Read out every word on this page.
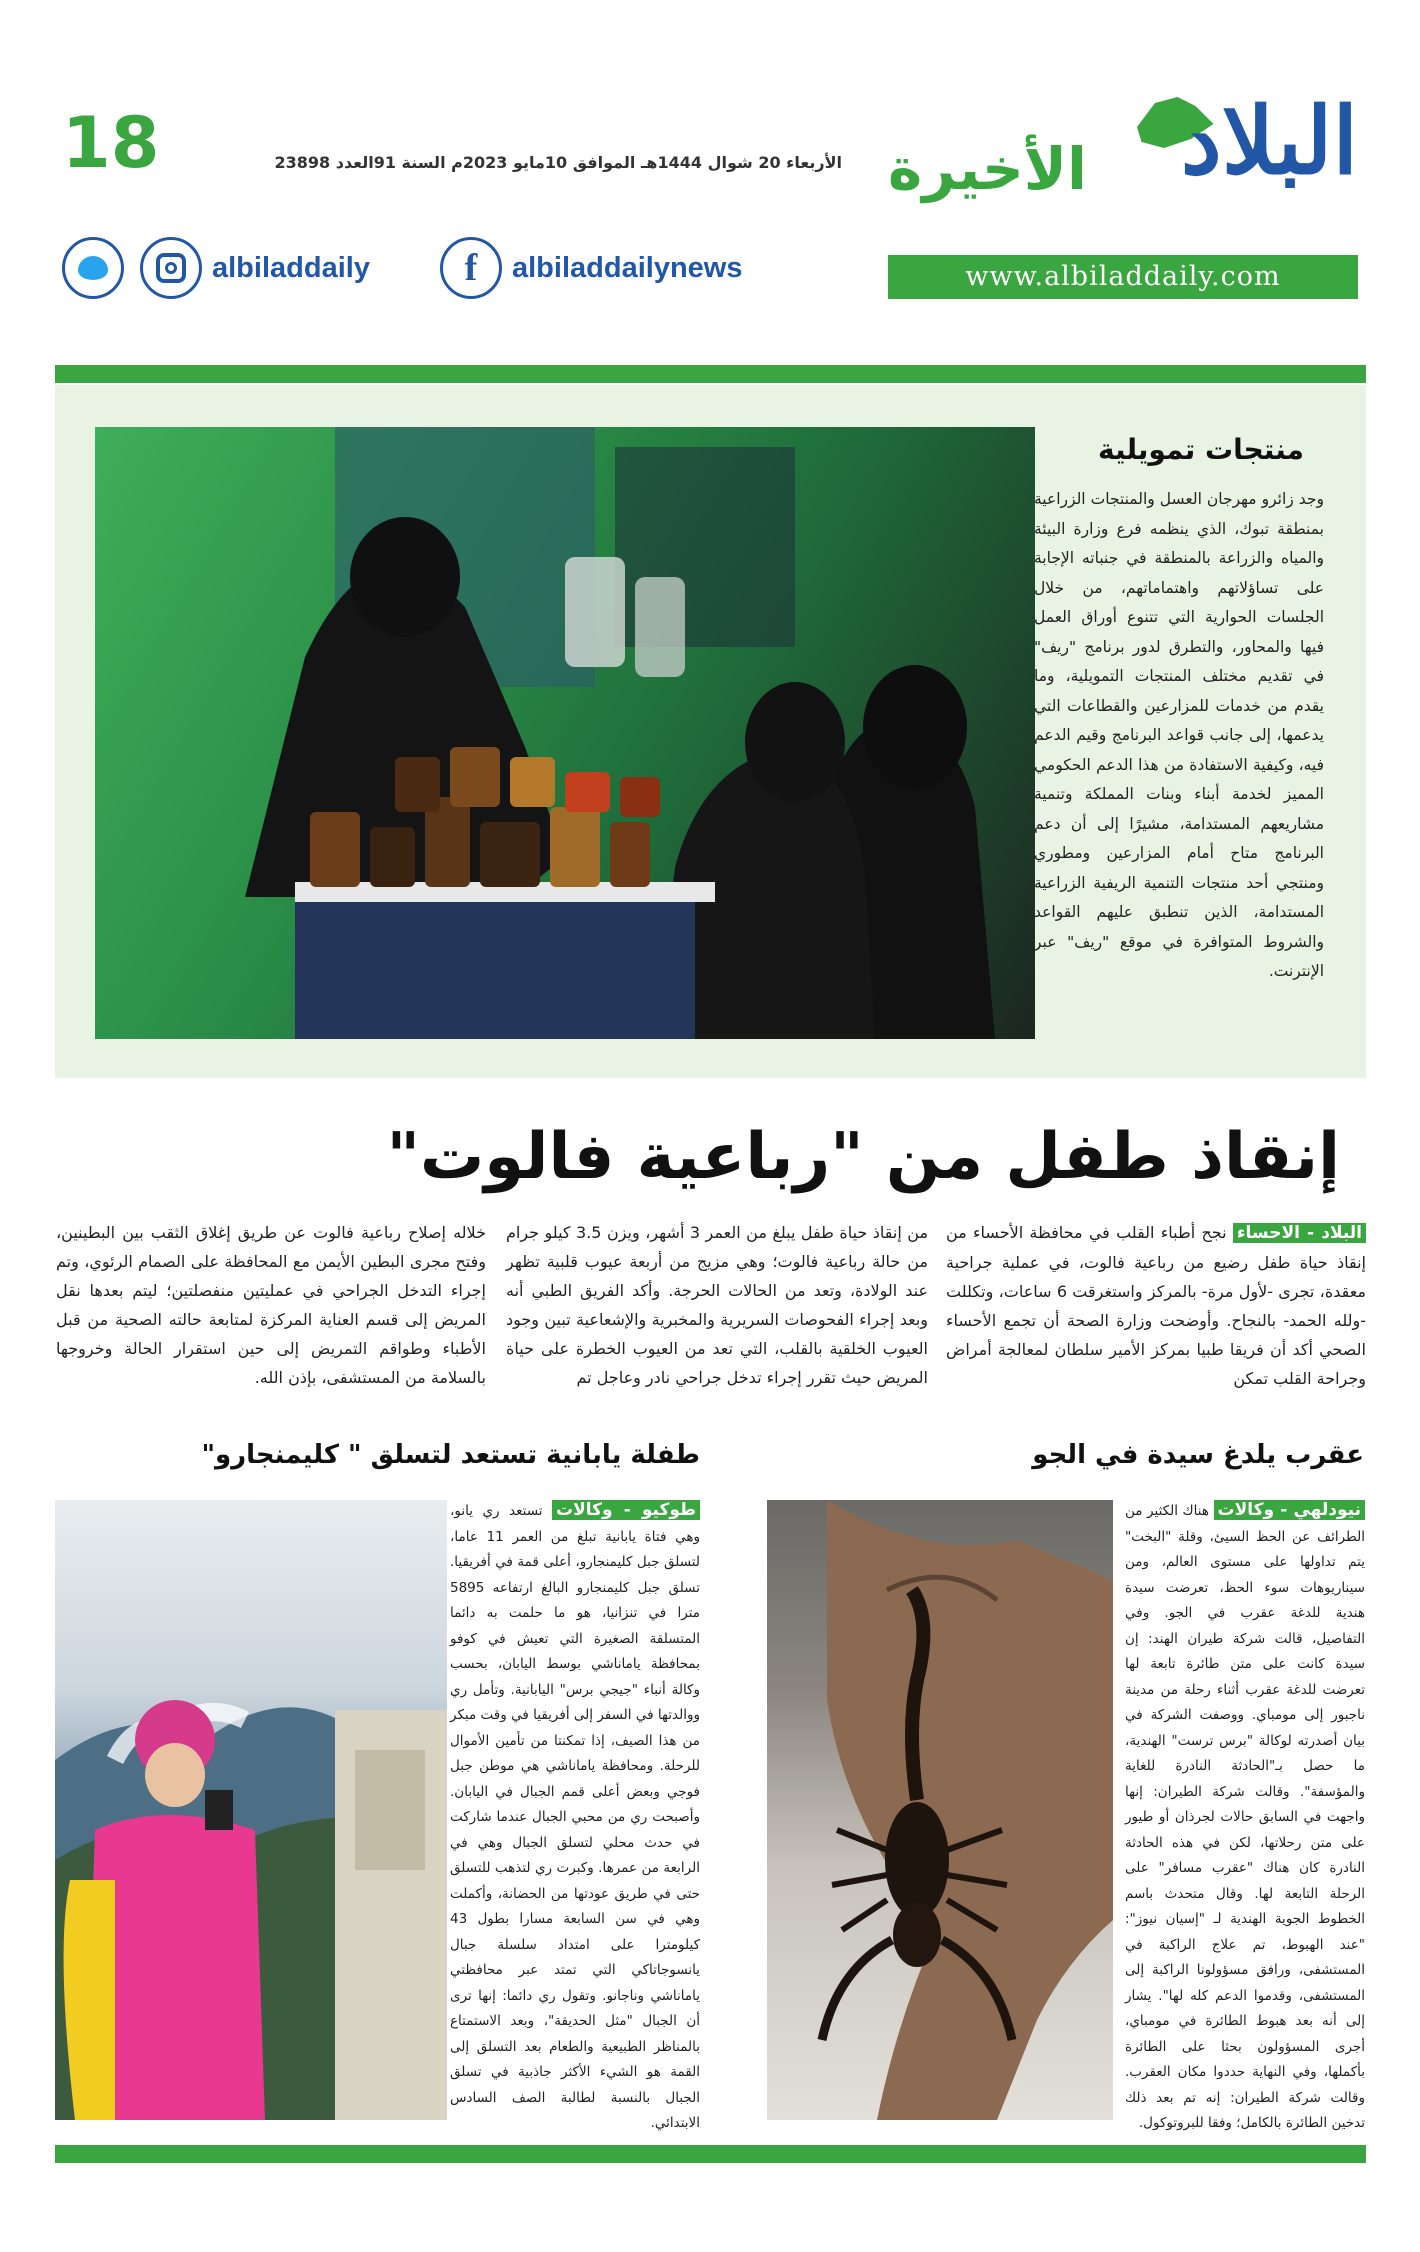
18	الأربعاء 20 شوال 1444هـ الموافق 10مايو 2023م السنة 91العدد 23898	البلاد
الأخيرة
www.albiladdaily.com
albiladdaily f albiladdailynews
منتجات تمويلية
وجد زائرو مهرجان العسل والمنتجات الزراعية بمنطقة تبوك، الذي ينظمه فرع وزارة البيئة والمياه والزراعة بالمنطقة في جنباته الإجابة على تساؤلاتهم واهتماماتهم، من خلال الجلسات الحوارية التي تتنوع أوراق العمل فيها والمحاور، والتطرق لدور برنامج "ريف" في تقديم مختلف المنتجات التمويلية، وما يقدم من خدمات للمزارعين والقطاعات التي يدعمها، إلى جانب قواعد البرنامج وقيم الدعم فيه، وكيفية الاستفادة من هذا الدعم الحكومي المميز لخدمة أبناء وبنات المملكة وتنمية مشاريعهم المستدامة، مشيرًا إلى أن دعم البرنامج متاح أمام المزارعين ومطوري ومنتجي أحد منتجات التنمية الريفية الزراعية المستدامة، الذين تنطبق عليهم القواعد والشروط المتوافرة في موقع "ريف" عبر الإنترنت.
إنقاذ طفل من "رباعية فالوت"
البلاد - الاحساء نجح أطباء القلب في محافظة الأحساء من إنقاذ حياة طفل رضيع من رباعية فالوت، في عملية جراحية معقدة، تجرى -لأول مرة- بالمركز واستغرقت 6 ساعات، وتكللت -ولله الحمد- بالنجاح. وأوضحت وزارة الصحة أن تجمع الأحساء الصحي أكد أن فريقا طبيا بمركز الأمير سلطان لمعالجة أمراض وجراحة القلب تمكن
من إنقاذ حياة طفل يبلغ من العمر 3 أشهر، ويزن 3.5 كيلو جرام من حالة رباعية فالوت؛ وهي مزيج من أربعة عيوب قلبية تظهر عند الولادة، وتعد من الحالات الحرجة. وأكد الفريق الطبي أنه وبعد إجراء الفحوصات السريرية والمخبرية والإشعاعية تبين وجود العيوب الخلقية بالقلب، التي تعد من العيوب الخطرة على حياة المريض حيث تقرر إجراء تدخل جراحي نادر وعاجل تم
خلاله إصلاح رباعية فالوت عن طريق إغلاق الثقب بين البطينين، وفتح مجرى البطين الأيمن مع المحافظة على الصمام الرئوي، وتم إجراء التدخل الجراحي في عمليتين منفصلتين؛ ليتم بعدها نقل المريض إلى قسم العناية المركزة لمتابعة حالته الصحية من قبل الأطباء وطواقم التمريض إلى حين استقرار الحالة وخروجها بالسلامة من المستشفى، بإذن الله.
عقرب يلدغ سيدة في الجو
طفلة يابانية تستعد لتسلق " كليمنجارو"
نيودلهي - وكالات هناك الكثير من الطرائف عن الحظ السيئ، وقلة "البخت" يتم تداولها على مستوى العالم، ومن سيناريوهات سوء الحظ، تعرضت سيدة هندية للدغة عقرب في الجو. وفي التفاصيل، قالت شركة طيران الهند: إن سيدة كانت على متن طائرة تابعة لها تعرضت للدغة عقرب أثناء رحلة من مدينة ناجبور إلى مومباي. ووصفت الشركة في بيان أصدرته لوكالة "برس ترست" الهندية، ما حصل بـ"الحادثة النادرة للغاية والمؤسفة". وقالت شركة الطيران: إنها واجهت في السابق حالات لجرذان أو طيور على متن رحلاتها، لكن في هذه الحادثة النادرة كان هناك "عقرب مسافر" على الرحلة التابعة لها. وقال متحدث باسم الخطوط الجوية الهندية لـ "إسيان نيوز": "عند الهبوط، تم علاج الراكبة في المستشفى، ورافق مسؤولونا الراكبة إلى المستشفى، وقدموا الدعم كله لها". يشار إلى أنه بعد هبوط الطائرة في مومباي، أجرى المسؤولون بحثا على الطائرة بأكملها، وفي النهاية حددوا مكان العقرب. وقالت شركة الطيران: إنه تم بعد ذلك تدخين الطائرة بالكامل؛ وفقا للبروتوكول.
طوكيو - وكالات تستعد ري يانو، وهي فتاة يابانية تبلغ من العمر 11 عاما، لتسلق جبل كليمنجارو، أعلى قمة في أفريقيا. تسلق جبل كليمنجارو البالغ ارتفاعه 5895 مترا في تنزانيا، هو ما حلمت به دائما المتسلقة الصغيرة التي تعيش في كوفو بمحافظة ياماناشي بوسط اليابان، بحسب وكالة أنباء "جيجي برس" اليابانية. وتأمل ري ووالدتها في السفر إلى أفريقيا في وقت مبكر من هذا الصيف، إذا تمكنتا من تأمين الأموال للرحلة. ومحافظة ياماناشي هي موطن جبل فوجي وبعض أعلى قمم الجبال في اليابان. وأصبحت ري من محبي الجبال عندما شاركت في حدث محلي لتسلق الجبال وهي في الرابعة من عمرها. وكبرت ري لتذهب للتسلق حتى في طريق عودتها من الحضانة، وأكملت وهي في سن السابعة مسارا بطول 43 كيلومترا على امتداد سلسلة جبال يانسوجاتاكي التي تمتد عبر محافظتي ياماناشي وناجانو. وتقول ري دائما: إنها ترى أن الجبال "مثل الحديقة"، وبعد الاستمتاع بالمناظر الطبيعية والطعام بعد التسلق إلى القمة هو الشيء الأكثر جاذبية في تسلق الجبال بالنسبة لطالبة الصف السادس الابتدائي.
